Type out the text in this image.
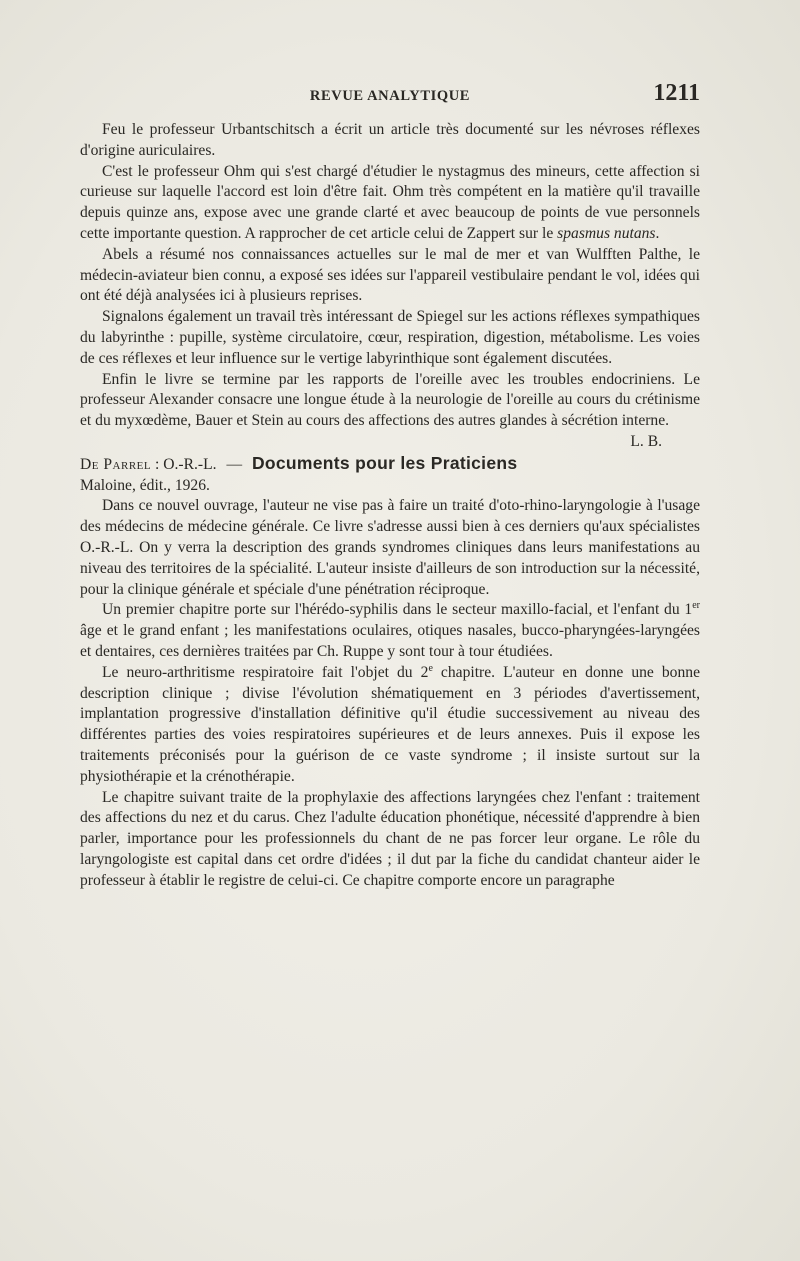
REVUE ANALYTIQUE	1211

Feu le professeur Urbantschitsch a écrit un article très documenté sur les névroses réflexes d'origine auriculaires.

C'est le professeur Ohm qui s'est chargé d'étudier le nystagmus des mineurs, cette affection si curieuse sur laquelle l'accord est loin d'être fait. Ohm très compétent en la matière qu'il travaille depuis quinze ans, expose avec une grande clarté et avec beaucoup de points de vue personnels cette importante question. A rapprocher de cet article celui de Zappert sur le spasmus nutans.

Abels a résumé nos connaissances actuelles sur le mal de mer et van Wulfften Palthe, le médecin-aviateur bien connu, a exposé ses idées sur l'appareil vestibulaire pendant le vol, idées qui ont été déjà analysées ici à plusieurs reprises.

Signalons également un travail très intéressant de Spiegel sur les actions réflexes sympathiques du labyrinthe : pupille, système circulatoire, cœur, respiration, digestion, métabolisme. Les voies de ces réflexes et leur influence sur le vertige labyrinthique sont également discutées.

Enfin le livre se termine par les rapports de l'oreille avec les troubles endocriniens. Le professeur Alexander consacre une longue étude à la neurologie de l'oreille au cours du crétinisme et du myxœdème, Bauer et Stein au cours des affections des autres glandes à sécrétion interne.

L. B.

De Parrel : O.-R.-L. — Documents pour les Praticiens
Maloine, édit., 1926.

Dans ce nouvel ouvrage, l'auteur ne vise pas à faire un traité d'oto-rhino-laryngologie à l'usage des médecins de médecine générale. Ce livre s'adresse aussi bien à ces derniers qu'aux spécialistes O.-R.-L. On y verra la description des grands syndromes cliniques dans leurs manifestations au niveau des territoires de la spécialité. L'auteur insiste d'ailleurs de son introduction sur la nécessité, pour la clinique générale et spéciale d'une pénétration réciproque.

Un premier chapitre porte sur l'hérédo-syphilis dans le secteur maxillo-facial, et l'enfant du 1er âge et le grand enfant ; les manifestations oculaires, otiques nasales, bucco-pharyngées-laryngées et dentaires, ces dernières traitées par Ch. Ruppe y sont tour à tour étudiées.

Le neuro-arthritisme respiratoire fait l'objet du 2e chapitre. L'auteur en donne une bonne description clinique ; divise l'évolution shématiquement en 3 périodes d'avertissement, implantation progressive d'installation définitive qu'il étudie successivement au niveau des différentes parties des voies respiratoires supérieures et de leurs annexes. Puis il expose les traitements préconisés pour la guérison de ce vaste syndrome ; il insiste surtout sur la physiothérapie et la crénothérapie.

Le chapitre suivant traite de la prophylaxie des affections laryngées chez l'enfant : traitement des affections du nez et du carus. Chez l'adulte éducation phonétique, nécessité d'apprendre à bien parler, importance pour les professionnels du chant de ne pas forcer leur organe. Le rôle du laryngologiste est capital dans cet ordre d'idées ; il dut par la fiche du candidat chanteur aider le professeur à établir le registre de celui-ci. Ce chapitre comporte encore un paragraphe
